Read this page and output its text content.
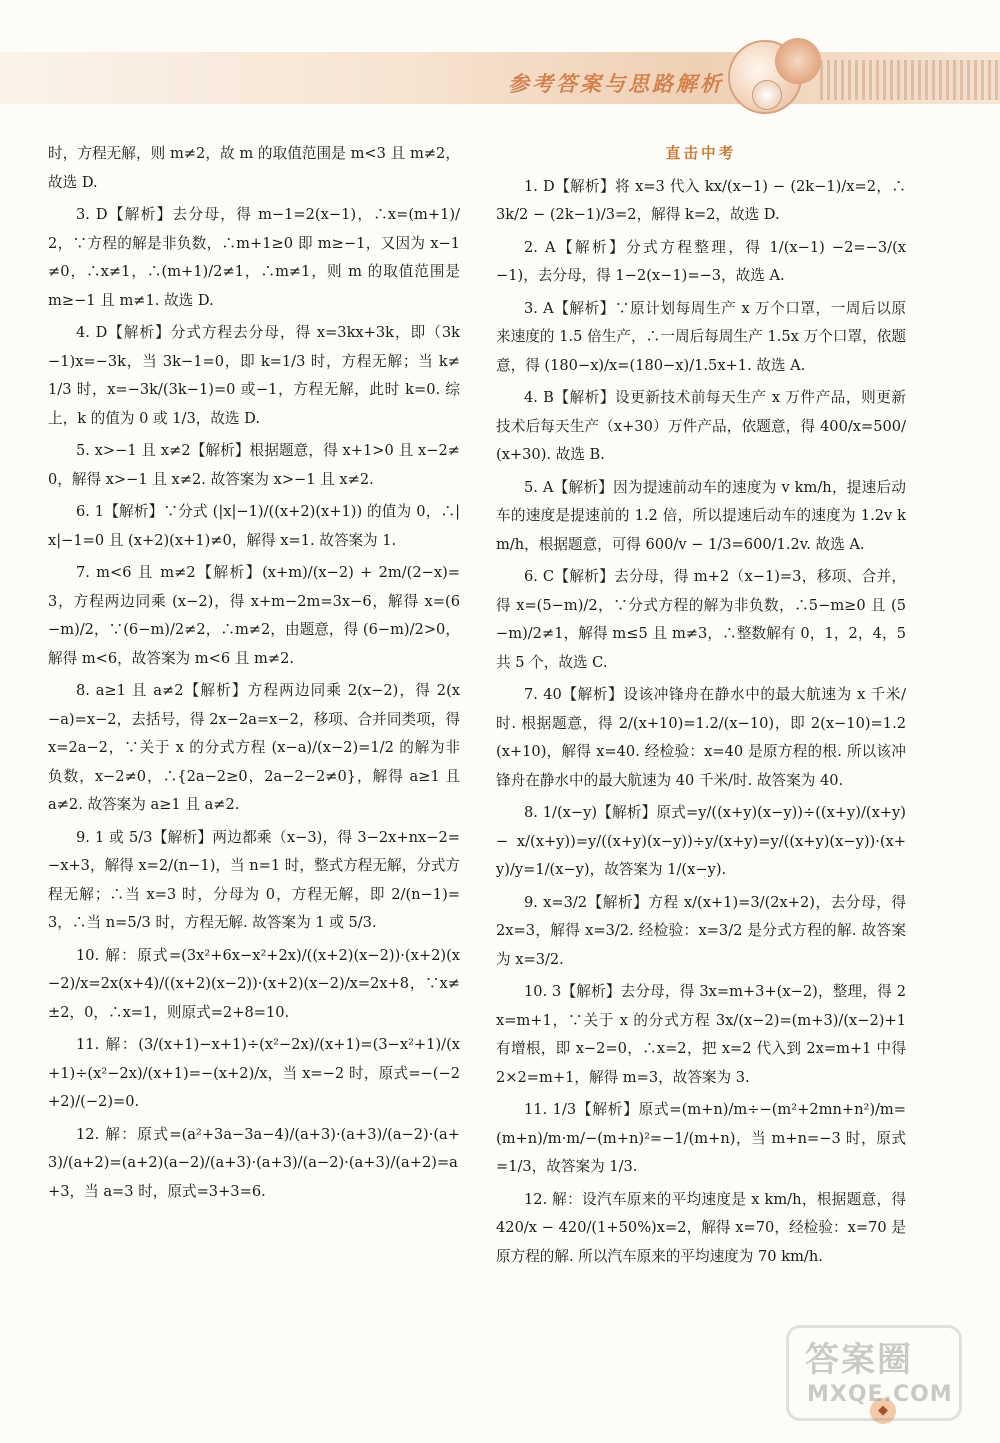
参考答案与思路解析

时，方程无解，则 m≠2，故 m 的取值范围是 m<3 且 m≠2，故选 D.

3. D【解析】去分母，得 m−1=2(x−1)，∴x=(m+1)/2，∵方程的解是非负数，∴m+1≥0 即 m≥−1，又因为 x−1≠0，∴x≠1，∴(m+1)/2≠1，∴m≠1，则 m 的取值范围是 m≥−1 且 m≠1. 故选 D.

4. D【解析】分式方程去分母，得 x=3kx+3k，即（3k−1)x=−3k，当 3k−1=0，即 k=1/3 时，方程无解；当 k≠1/3 时，x=−3k/(3k−1)=0 或−1，方程无解，此时 k=0. 综上，k 的值为 0 或 1/3，故选 D.

5. x>−1 且 x≠2【解析】根据题意，得 x+1>0 且 x−2≠0，解得 x>−1 且 x≠2. 故答案为 x>−1 且 x≠2.

6. 1【解析】∵分式 (|x|−1)/((x+2)(x+1)) 的值为 0，∴|x|−1=0 且 (x+2)(x+1)≠0，解得 x=1. 故答案为 1.

7. m<6 且 m≠2【解析】(x+m)/(x−2) + 2m/(2−x)=3，方程两边同乘 (x−2)，得 x+m−2m=3x−6，解得 x=(6−m)/2，∵(6−m)/2≠2，∴m≠2，由题意，得 (6−m)/2>0，解得 m<6，故答案为 m<6 且 m≠2.

8. a≥1 且 a≠2【解析】方程两边同乘 2(x−2)，得 2(x−a)=x−2，去括号，得 2x−2a=x−2，移项、合并同类项，得 x=2a−2，∵关于 x 的分式方程 (x−a)/(x−2)=1/2 的解为非负数，x−2≠0，∴{2a−2≥0，2a−2−2≠0}，解得 a≥1 且 a≠2. 故答案为 a≥1 且 a≠2.

9. 1 或 5/3【解析】两边都乘（x−3)，得 3−2x+nx−2=−x+3，解得 x=2/(n−1)，当 n=1 时，整式方程无解，分式方程无解；∴当 x=3 时，分母为 0，方程无解，即 2/(n−1)=3，∴当 n=5/3 时，方程无解. 故答案为 1 或 5/3.

10. 解：原式=(3x²+6x−x²+2x)/((x+2)(x−2))·(x+2)(x−2)/x=2x(x+4)/((x+2)(x−2))·(x+2)(x−2)/x=2x+8，∵x≠±2，0，∴x=1，则原式=2+8=10.

11. 解：(3/(x+1)−x+1)÷(x²−2x)/(x+1)=(3−x²+1)/(x+1)÷(x²−2x)/(x+1)=−(x+2)/x，当 x=−2 时，原式=−(−2+2)/(−2)=0.

12. 解：原式=(a²+3a−3a−4)/(a+3)·(a+3)/(a−2)·(a+3)/(a+2)=(a+2)(a−2)/(a+3)·(a+3)/(a−2)·(a+3)/(a+2)=a+3，当 a=3 时，原式=3+3=6.

直击中考

1. D【解析】将 x=3 代入 kx/(x−1) − (2k−1)/x=2，∴3k/2 − (2k−1)/3=2，解得 k=2，故选 D.

2. A【解析】分式方程整理，得 1/(x−1) −2=−3/(x−1)，去分母，得 1−2(x−1)=−3，故选 A.

3. A【解析】∵原计划每周生产 x 万个口罩，一周后以原来速度的 1.5 倍生产，∴一周后每周生产 1.5x 万个口罩，依题意，得 (180−x)/x=(180−x)/1.5x+1. 故选 A.

4. B【解析】设更新技术前每天生产 x 万件产品，则更新技术后每天生产（x+30）万件产品，依题意，得 400/x=500/(x+30). 故选 B.

5. A【解析】因为提速前动车的速度为 v km/h，提速后动车的速度是提速前的 1.2 倍，所以提速后动车的速度为 1.2v km/h，根据题意，可得 600/v − 1/3=600/1.2v. 故选 A.

6. C【解析】去分母，得 m+2（x−1)=3，移项、合并，得 x=(5−m)/2，∵分式方程的解为非负数，∴5−m≥0 且 (5−m)/2≠1，解得 m≤5 且 m≠3，∴整数解有 0，1，2，4，5 共 5 个，故选 C.

7. 40【解析】设该冲锋舟在静水中的最大航速为 x 千米/时. 根据题意，得 2/(x+10)=1.2/(x−10)，即 2(x−10)=1.2(x+10)，解得 x=40. 经检验：x=40 是原方程的根. 所以该冲锋舟在静水中的最大航速为 40 千米/时. 故答案为 40.

8. 1/(x−y)【解析】原式=y/((x+y)(x−y))÷((x+y)/(x+y) − x/(x+y))=y/((x+y)(x−y))÷y/(x+y)=y/((x+y)(x−y))·(x+y)/y=1/(x−y)，故答案为 1/(x−y).

9. x=3/2【解析】方程 x/(x+1)=3/(2x+2)，去分母，得 2x=3，解得 x=3/2. 经检验：x=3/2 是分式方程的解. 故答案为 x=3/2.

10. 3【解析】去分母，得 3x=m+3+(x−2)，整理，得 2x=m+1，∵关于 x 的分式方程 3x/(x−2)=(m+3)/(x−2)+1 有增根，即 x−2=0，∴x=2，把 x=2 代入到 2x=m+1 中得 2×2=m+1，解得 m=3，故答案为 3.

11. 1/3【解析】原式=(m+n)/m÷−(m²+2mn+n²)/m=(m+n)/m·m/−(m+n)²=−1/(m+n)，当 m+n=−3 时，原式=1/3，故答案为 1/3.

12. 解：设汽车原来的平均速度是 x km/h，根据题意，得 420/x − 420/(1+50%)x=2，解得 x=70，经检验：x=70 是原方程的解. 所以汽车原来的平均速度为 70 km/h.

◆
答案圈
MXQE.COM
